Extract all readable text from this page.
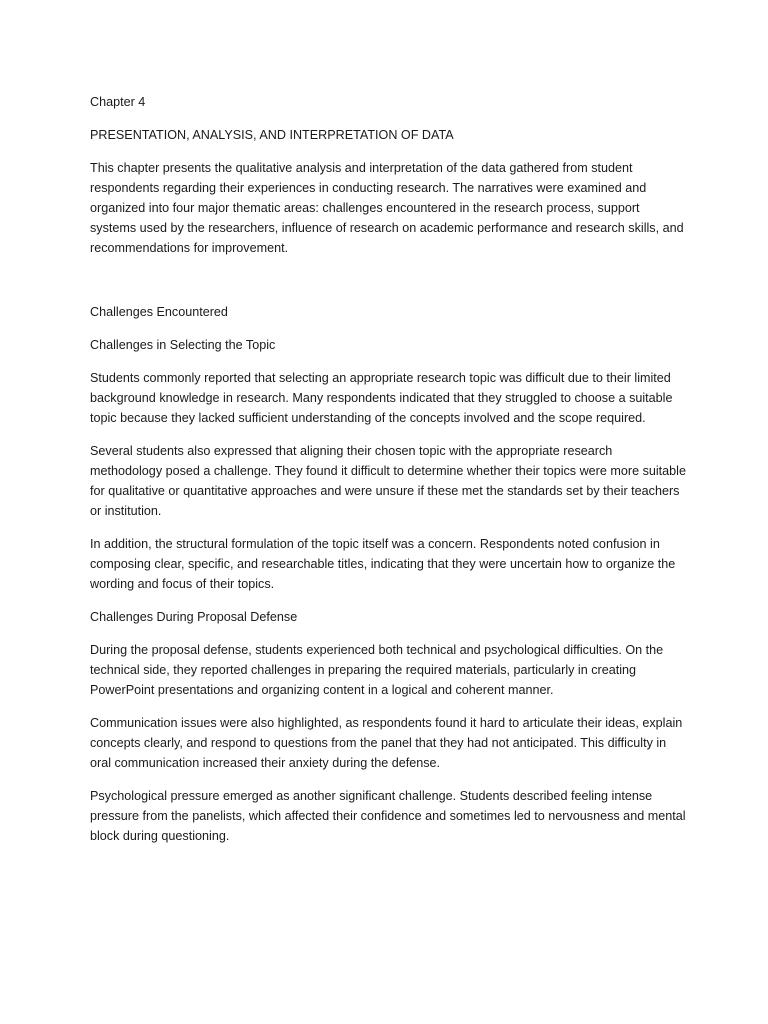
Chapter 4

PRESENTATION, ANALYSIS, AND INTERPRETATION OF DATA

This chapter presents the qualitative analysis and interpretation of the data gathered from student respondents regarding their experiences in conducting research. The narratives were examined and organized into four major thematic areas: challenges encountered in the research process, support systems used by the researchers, influence of research on academic performance and research skills, and recommendations for improvement.

Challenges Encountered

Challenges in Selecting the Topic

Students commonly reported that selecting an appropriate research topic was difficult due to their limited background knowledge in research. Many respondents indicated that they struggled to choose a suitable topic because they lacked sufficient understanding of the concepts involved and the scope required.

Several students also expressed that aligning their chosen topic with the appropriate research methodology posed a challenge. They found it difficult to determine whether their topics were more suitable for qualitative or quantitative approaches and were unsure if these met the standards set by their teachers or institution.

In addition, the structural formulation of the topic itself was a concern. Respondents noted confusion in composing clear, specific, and researchable titles, indicating that they were uncertain how to organize the wording and focus of their topics.

Challenges During Proposal Defense

During the proposal defense, students experienced both technical and psychological difficulties. On the technical side, they reported challenges in preparing the required materials, particularly in creating PowerPoint presentations and organizing content in a logical and coherent manner.

Communication issues were also highlighted, as respondents found it hard to articulate their ideas, explain concepts clearly, and respond to questions from the panel that they had not anticipated. This difficulty in oral communication increased their anxiety during the defense.

Psychological pressure emerged as another significant challenge. Students described feeling intense pressure from the panelists, which affected their confidence and sometimes led to nervousness and mental block during questioning.
